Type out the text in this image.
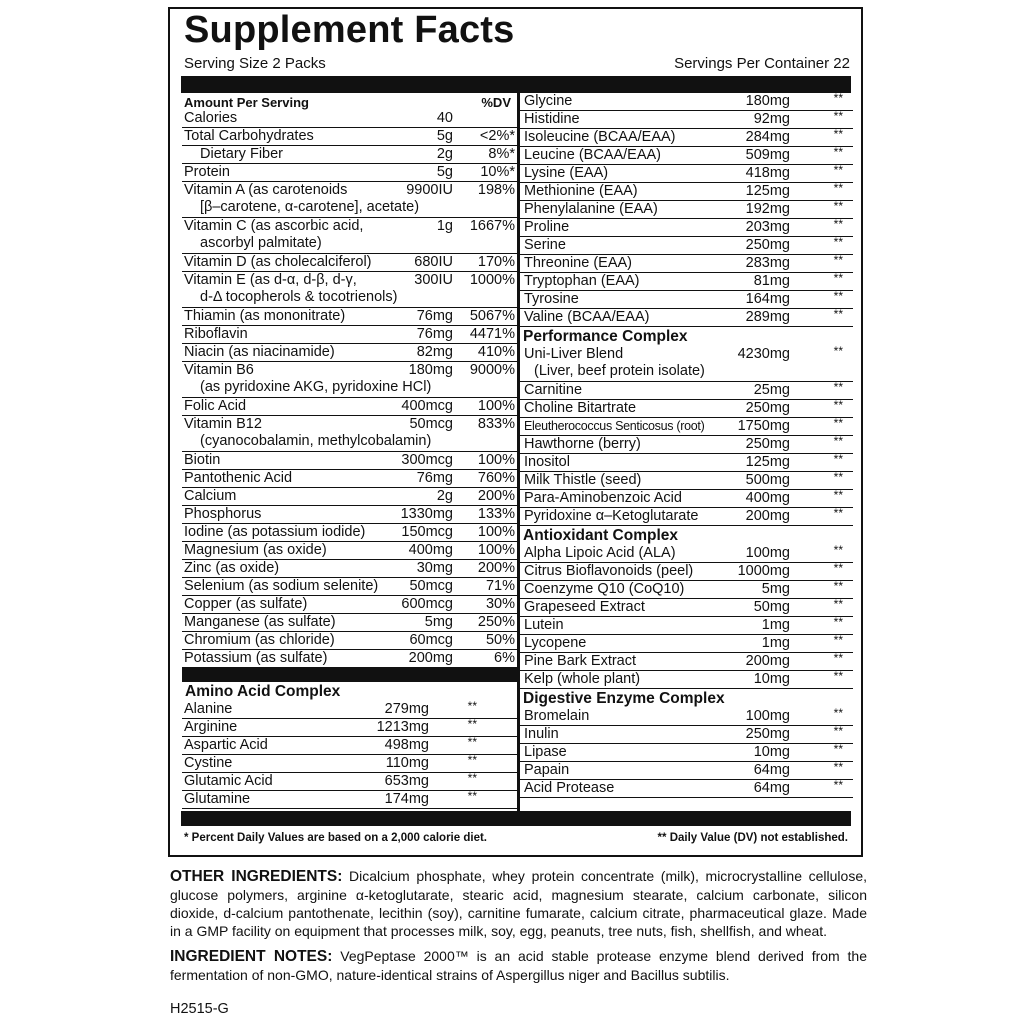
Supplement Facts
Serving Size 2 Packs	Servings Per Container 22
Amount Per Serving	%DV
Calories	40
Total Carbohydrates	5g <2%*
Dietary Fiber	2g 8%*
Protein	5g 10%*
Vitamin A (as carotenoids
[β–carotene, α-carotene], acetate)
9900IU 198%
Vitamin C (as ascorbic acid,
ascorbyl palmitate)
1g 1667%
Vitamin D (as cholecalciferol)	680IU 170%
Vitamin E (as d-α, d-β, d-γ,
d-Δ tocopherols & tocotrienols)
300IU 1000%
Thiamin (as mononitrate)	76mg 5067%
Riboflavin	76mg 4471%
Niacin (as niacinamide)	82mg 410%
Vitamin B6
(as pyridoxine AKG, pyridoxine HCl)
180mg 9000%
Folic Acid	400mcg 100%
Vitamin B12
(cyanocobalamin, methylcobalamin)
50mcg 833%
Biotin	300mcg 100%
Pantothenic Acid	76mg 760%
Calcium	2g 200%
Phosphorus	1330mg 133%
Iodine (as potassium iodide) 150mcg 100%
Magnesium (as oxide)	400mg 100%
Zinc (as oxide)	30mg 200%
Selenium (as sodium selenite) 50mcg 71%
Copper (as sulfate)	600mcg 30%
Manganese (as sulfate)	5mg 250%
Chromium (as chloride)	60mcg 50%
Potassium (as sulfate)	200mg	6%
Amino Acid Complex
Alanine	279mg	**
Arginine	1213mg	**
Aspartic Acid	498mg	**
Cystine	110mg	**
Glutamic Acid	653mg	**
Glutamine	174mg	**
Glycine	180mg	**
Histidine	92mg	**
Isoleucine (BCAA/EAA)	284mg	**
Leucine (BCAA/EAA)	509mg	**
Lysine (EAA)	418mg	**
Methionine (EAA)	125mg	**
Phenylalanine (EAA)	192mg	**
Proline	203mg	**
Serine	250mg	**
Threonine (EAA)	283mg	**
Tryptophan (EAA)	81mg	**
Tyrosine	164mg	**
Valine (BCAA/EAA)	289mg	**
Performance Complex
Uni-Liver Blend
(Liver, beef protein isolate)
4230mg	**
Carnitine	25mg	**
Choline Bitartrate	250mg	**
Eleutherococcus Senticosus (root) 1750mg	**
Hawthorne (berry)	250mg	**
Inositol	125mg	**
Milk Thistle (seed)	500mg	**
Para-Aminobenzoic Acid	400mg	**
Pyridoxine α–Ketoglutarate	200mg	**
Antioxidant Complex
Alpha Lipoic Acid (ALA)	100mg	**
Citrus Bioflavonoids (peel)	1000mg	**
Coenzyme Q10 (CoQ10)	5mg	**
Grapeseed Extract	50mg	**
Lutein	1mg	**
Lycopene	1mg	**
Pine Bark Extract	200mg	**
Kelp (whole plant)	10mg	**
Digestive Enzyme Complex
Bromelain	100mg	**
Inulin	250mg	**
Lipase	10mg	**
Papain	64mg	**
Acid Protease	64mg	**
* Percent Daily Values are based on a 2,000 calorie diet.	** Daily Value (DV) not established.
OTHER INGREDIENTS: Dicalcium phosphate, whey protein concentrate (milk), microcrystalline cellulose, glucose polymers, arginine α-ketoglutarate, stearic acid, magnesium stearate, calcium carbonate, silicon dioxide, d-calcium pantothenate, lecithin (soy), carnitine fumarate, calcium citrate, pharmaceutical glaze. Made in a GMP facility on equipment that processes milk, soy, egg, peanuts, tree nuts, fish, shellfish, and wheat.
INGREDIENT NOTES: VegPeptase 2000™ is an acid stable protease enzyme blend derived from the fermentation of non-GMO, nature-identical strains of Aspergillus niger and Bacillus subtilis.
H2515-G
